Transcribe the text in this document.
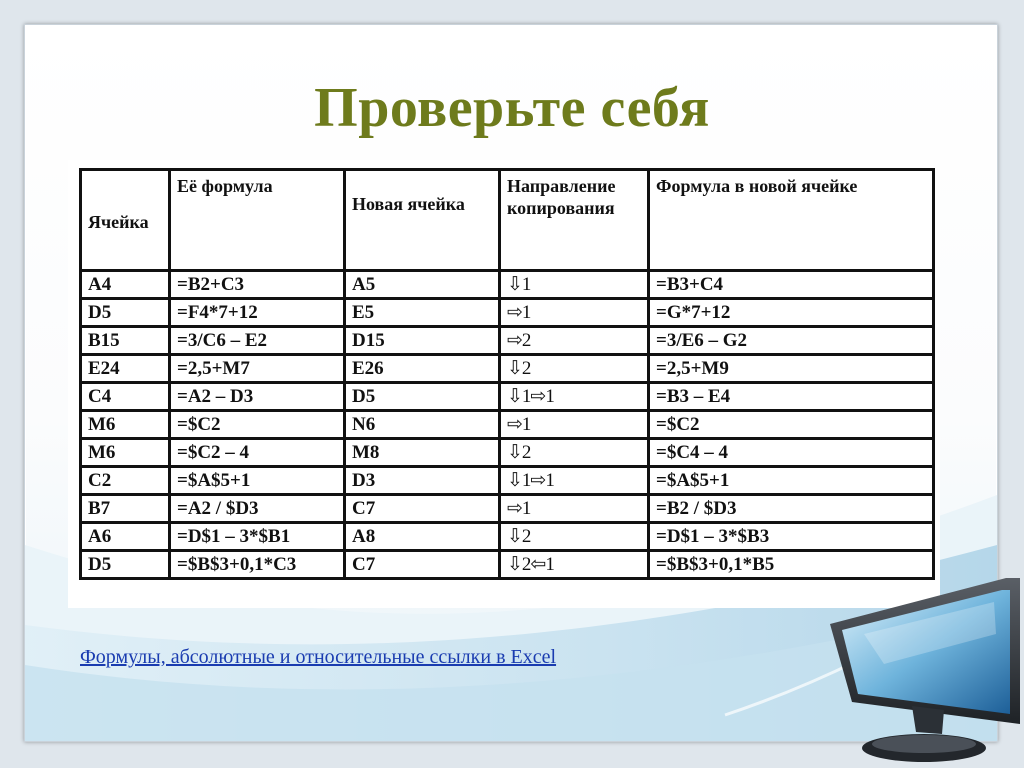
Проверьте себя
Ячейка	Её формула	Новая ячейка	Направление копирования	Формула в новой ячейке
A4	=B2+C3	A5	⇩1	=B3+C4
D5	=F4*7+12	E5	⇨1	=G*7+12
B15	=3/C6 – E2	D15	⇨2	=3/E6 – G2
E24	=2,5+M7	E26	⇩2	=2,5+M9
C4	=A2 – D3	D5	⇩1⇨1	=B3 – E4
M6	=$C2	N6	⇨1	=$C2
M6	=$C2 – 4	M8	⇩2	=$C4 – 4
C2	=$A$5+1	D3	⇩1⇨1	=$A$5+1
B7	=A2 / $D3	C7	⇨1	=B2 / $D3
A6	=D$1 – 3*$B1	A8	⇩2	=D$1 – 3*$B3
D5	=$B$3+0,1*C3	C7	⇩2⇦1	=$B$3+0,1*B5
Формулы, абсолютные и относительные ссылки в Excel
